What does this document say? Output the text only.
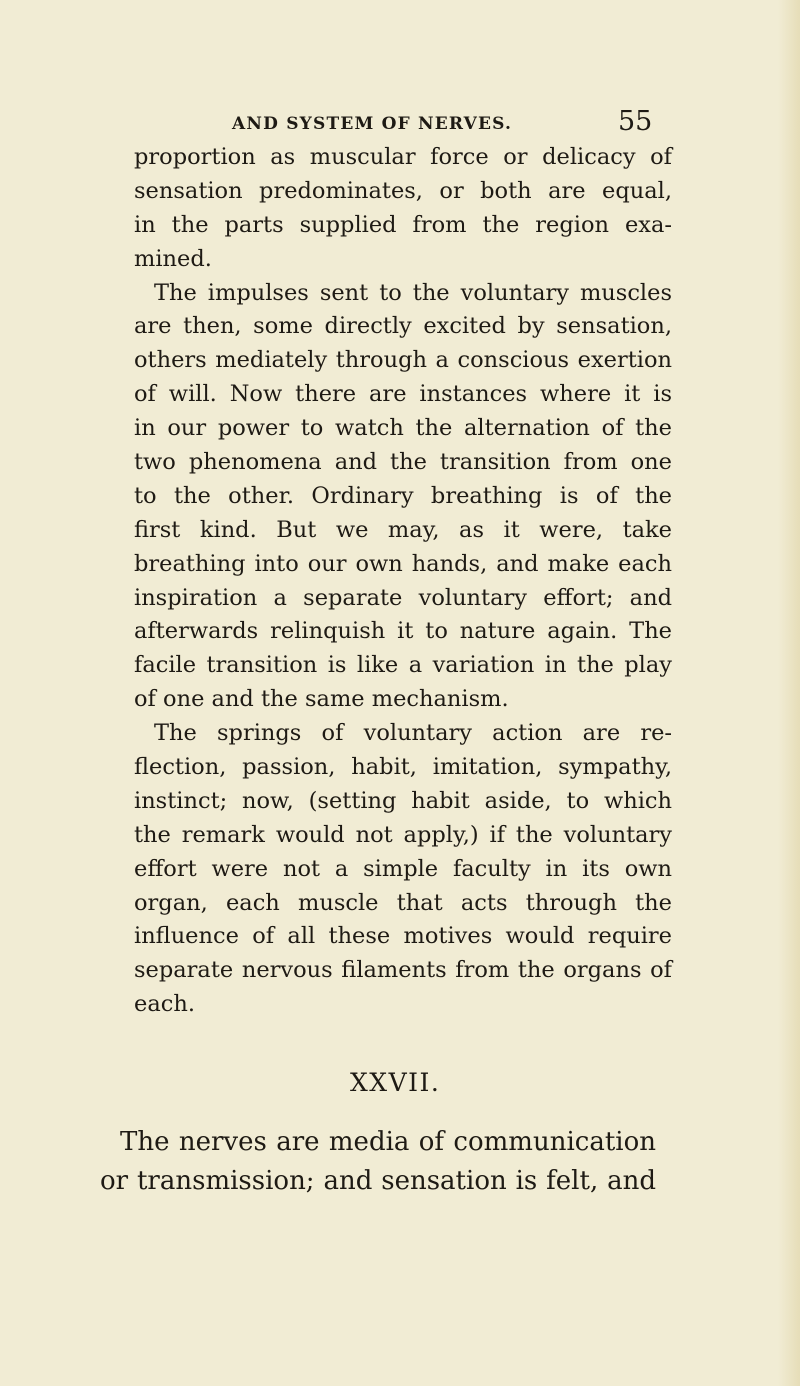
AND SYSTEM OF NERVES.	55
proportion as muscular force or delicacy of
sensation predominates, or both are equal,
in the parts supplied from the region exa-
mined.
The impulses sent to the voluntary muscles
are then, some directly excited by sensation,
others mediately through a conscious exertion
of will. Now there are instances where it is
in our power to watch the alternation of the
two phenomena and the transition from one
to the other. Ordinary breathing is of the
first kind. But we may, as it were, take
breathing into our own hands, and make each
inspiration a separate voluntary effort; and
afterwards relinquish it to nature again. The
facile transition is like a variation in the play
of one and the same mechanism.
The springs of voluntary action are re-
flection, passion, habit, imitation, sympathy,
instinct; now, (setting habit aside, to which
the remark would not apply,) if the voluntary
effort were not a simple faculty in its own
organ, each muscle that acts through the
influence of all these motives would require
separate nervous filaments from the organs of
each.
XXVII.
The nerves are media of communication
or transmission; and sensation is felt, and
